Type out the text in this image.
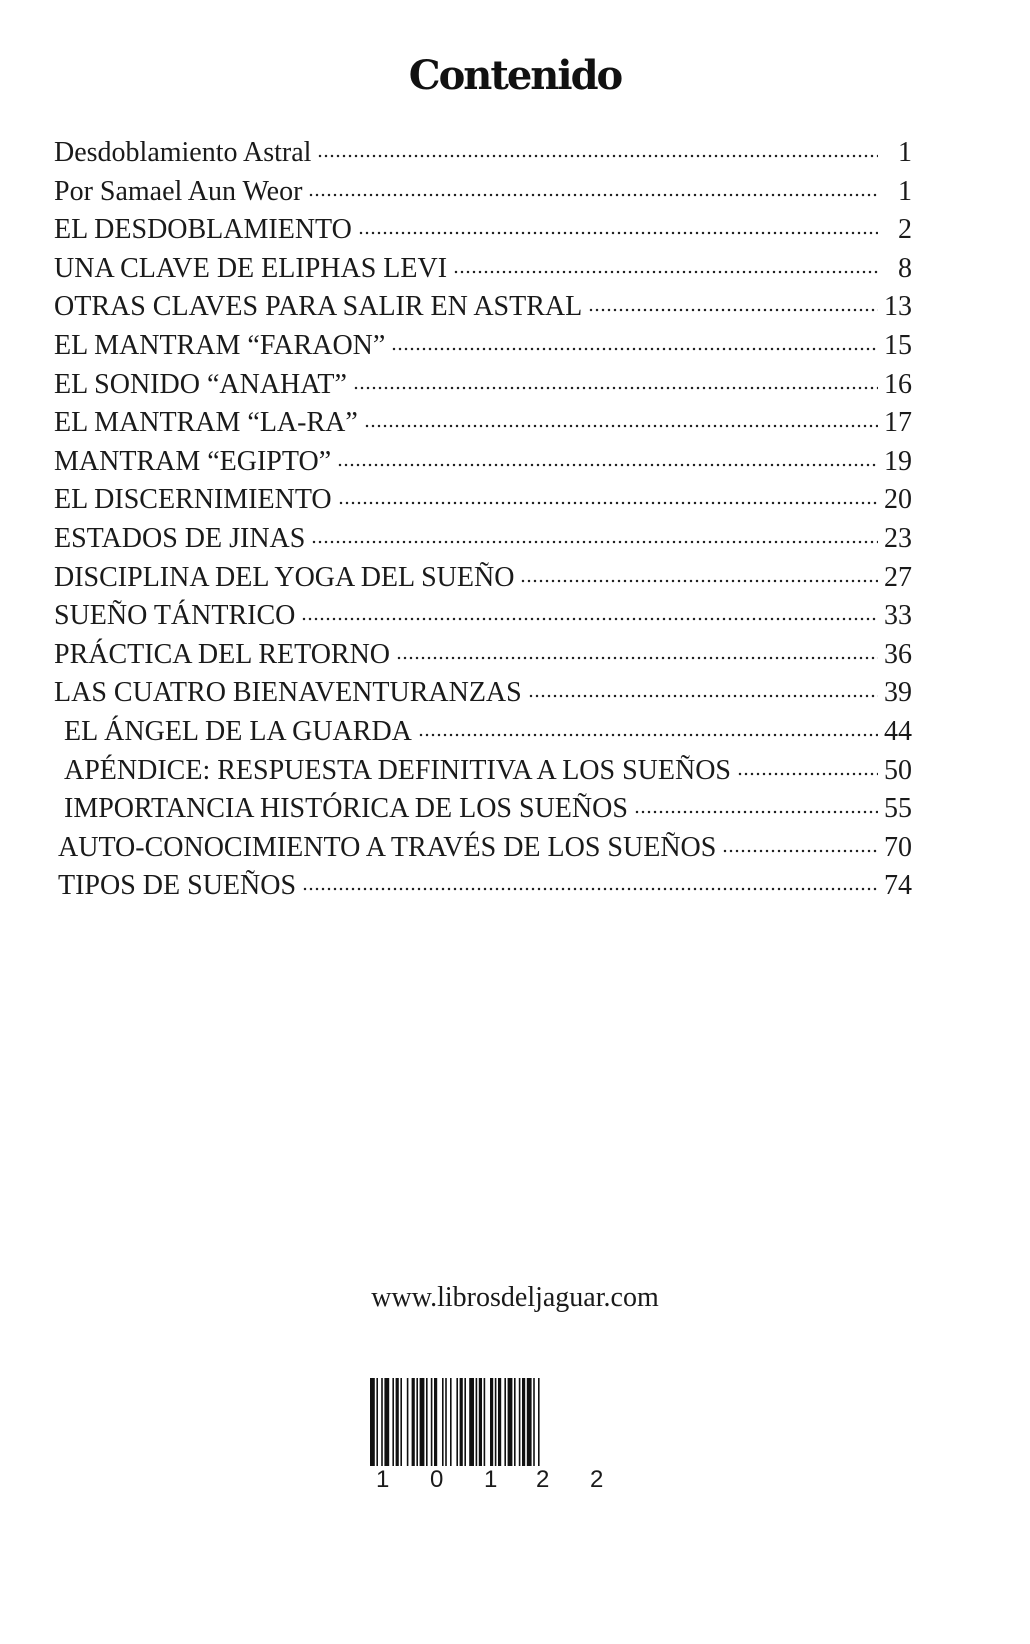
Contenido
Desdoblamiento Astral	1
Por Samael Aun Weor	1
EL DESDOBLAMIENTO	2
UNA CLAVE DE ELIPHAS LEVI	8
OTRAS CLAVES PARA SALIR EN ASTRAL	13
EL MANTRAM “FARAON”	15
EL SONIDO “ANAHAT”	16
EL MANTRAM “LA-RA”	17
MANTRAM “EGIPTO”	19
EL DISCERNIMIENTO	20
ESTADOS DE JINAS	23
DISCIPLINA DEL YOGA DEL SUEÑO	27
SUEÑO TÁNTRICO	33
PRÁCTICA DEL RETORNO	36
LAS CUATRO BIENAVENTURANZAS	39
EL ÁNGEL DE LA GUARDA	44
APÉNDICE: RESPUESTA DEFINITIVA A LOS SUEÑOS	50
IMPORTANCIA HISTÓRICA DE LOS SUEÑOS	55
AUTO-CONOCIMIENTO A TRAVÉS DE LOS SUEÑOS	70
TIPOS DE SUEÑOS	74
www.librosdeljaguar.com
1 0 1 2 2
